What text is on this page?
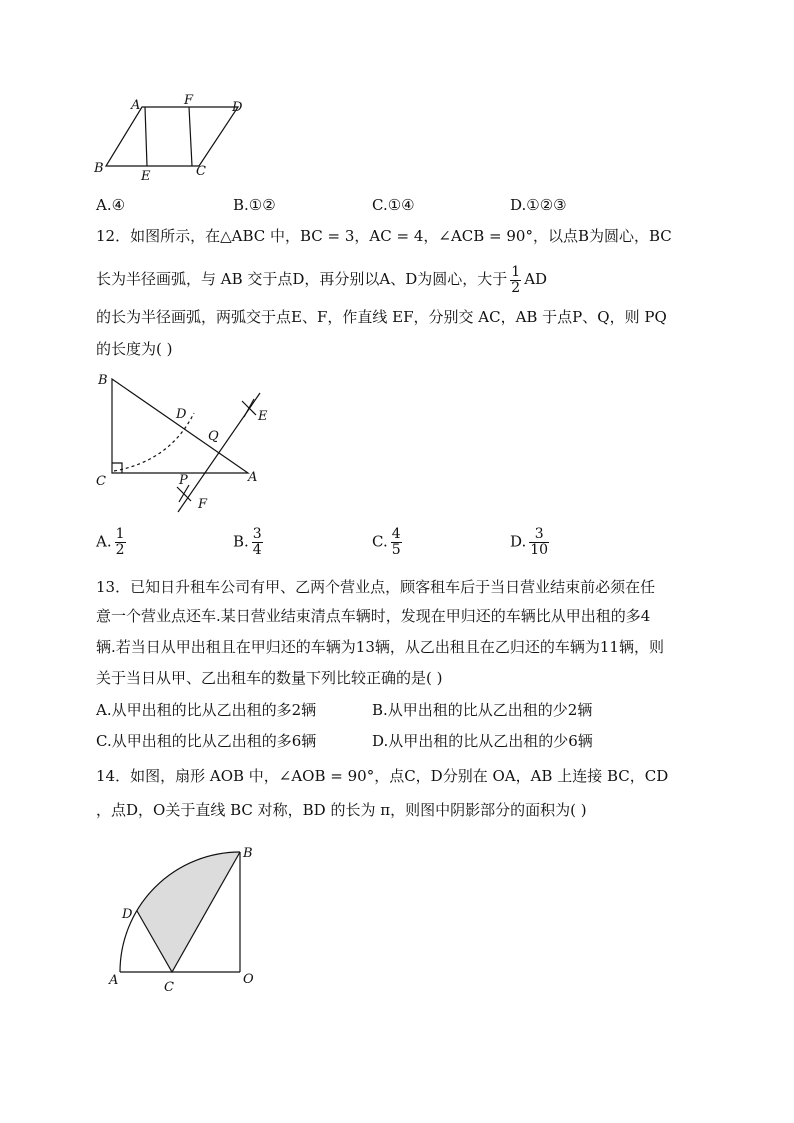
A	F	D
B
E	C
A.④	B.①②	C.①④	D.①②③
12．如图所示，在△ABC 中，BC = 3，AC = 4，∠ACB = 90°，以点B为圆心，BC
长为半径画弧，与 AB 交于点D，再分别以A、D为圆心，大于 $\frac{1}{2}$ AD
的长为半径画弧，两弧交于点E、F，作直线 EF，分别交 AC，AB 于点P、Q，则 PQ
的长度为( )
B
D	E
Q
C	A
P
F
A. $\frac{1}{2}$	B. $\frac{3}{4}$	C. $\frac{4}{5}$	D. $\frac{3}{10}$
13．已知日升租车公司有甲、乙两个营业点，顾客租车后于当日营业结束前必须在任
意一个营业点还车.某日营业结束清点车辆时，发现在甲归还的车辆比从甲出租的多4
辆.若当日从甲出租且在甲归还的车辆为13辆，从乙出租且在乙归还的车辆为11辆，则
关于当日从甲、乙出租车的数量下列比较正确的是( )
A.从甲出租的比从乙出租的多2辆	B.从甲出租的比从乙出租的少2辆
C.从甲出租的比从乙出租的多6辆	D.从甲出租的比从乙出租的少6辆
14．如图，扇形 AOB 中，∠AOB = 90°，点C，D分别在 OA，AB 上连接 BC，CD
，点D，O关于直线 BC 对称，BD 的长为 π，则图中阴影部分的面积为( )
B
D
A	C
O
